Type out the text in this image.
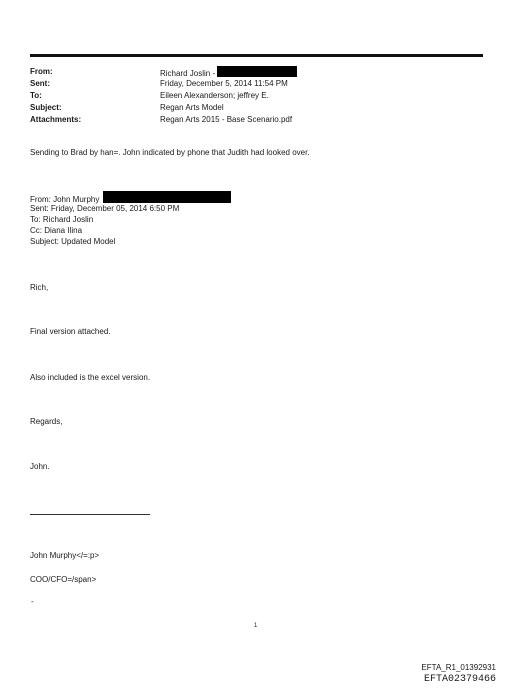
From:	Richard Joslin -
Sent:	Friday, December 5, 2014 11:54 PM
To:	Eileen Alexanderson; jeffrey E.
Subject:	Regan Arts Model
Attachments:	Regan Arts 2015 - Base Scenario.pdf
Sending to Brad by han=. John indicated by phone that Judith had looked over.
From: John Murphy
Sent: Friday, December 05, 2014 6:50 PM
To: Richard Joslin
Cc: Diana Ilina
Subject: Updated Model
Rich,
Final version attached.
Also included is the excel version.
Regards,
John.
John Murphy</=:p>
COO/CFO=/span>
-
1
EFTA_R1_01392931
EFTA02379466
